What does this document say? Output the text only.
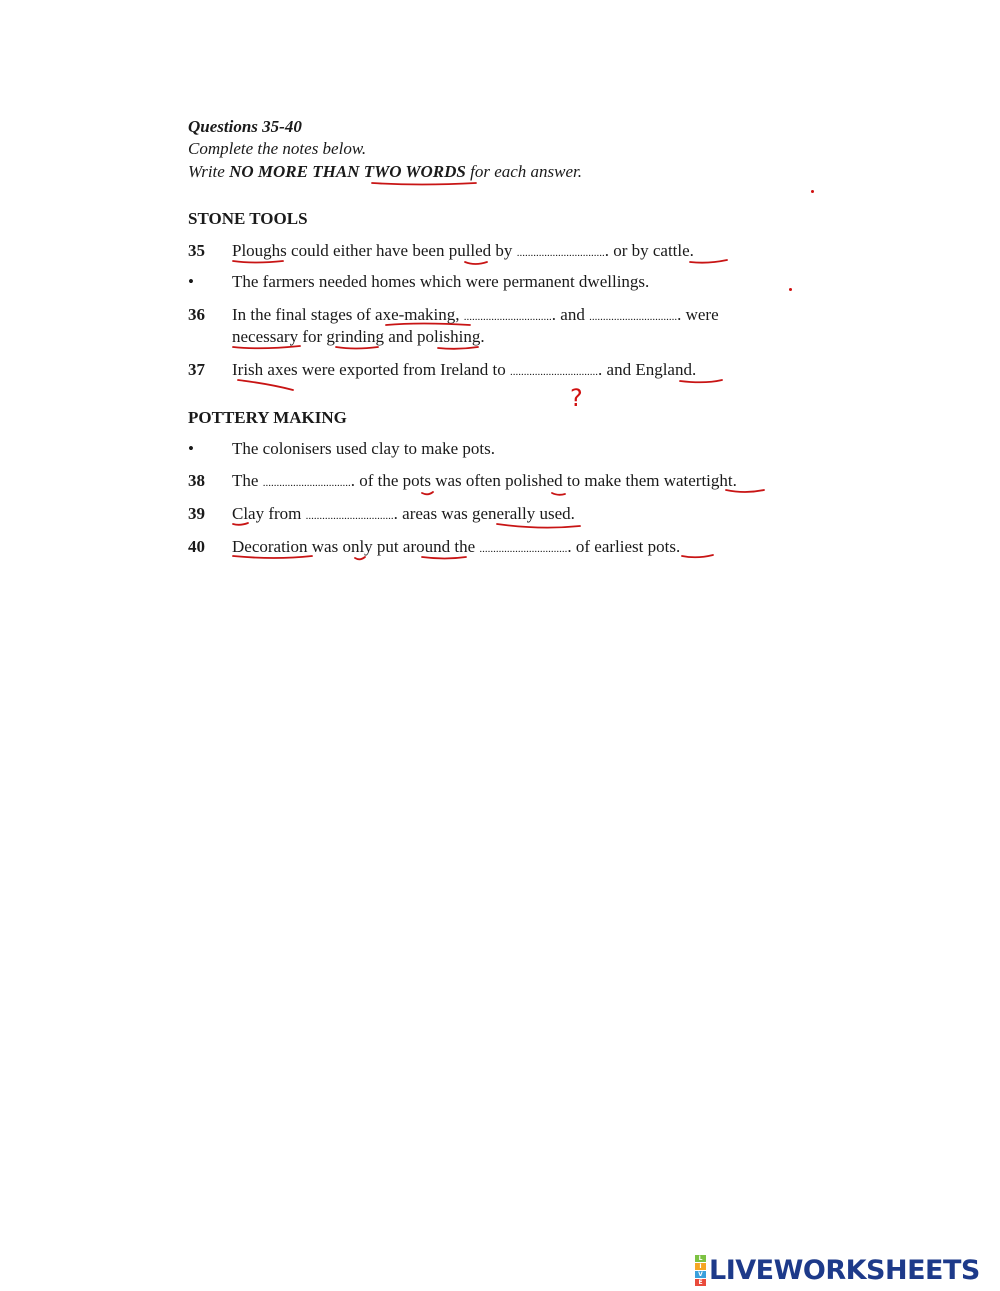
Questions 35-40
Complete the notes below.
Write NO MORE THAN TWO WORDS for each answer.
STONE TOOLS
35 Ploughs could either have been pulled by ................................. or by cattle.
• The farmers needed homes which were permanent dwellings.
36 In the final stages of axe-making, ................................. and ................................. were
necessary for grinding and polishing.
37 Irish axes were exported from Ireland to ................................. and England.
POTTERY MAKING
• The colonisers used clay to make pots.
38 The ................................. of the pots was often polished to make them watertight.
39 Clay from ................................. areas was generally used.
40 Decoration was only put around the ................................. of earliest pots.
?
L
I
V
E LIVEWORKSHEETS
